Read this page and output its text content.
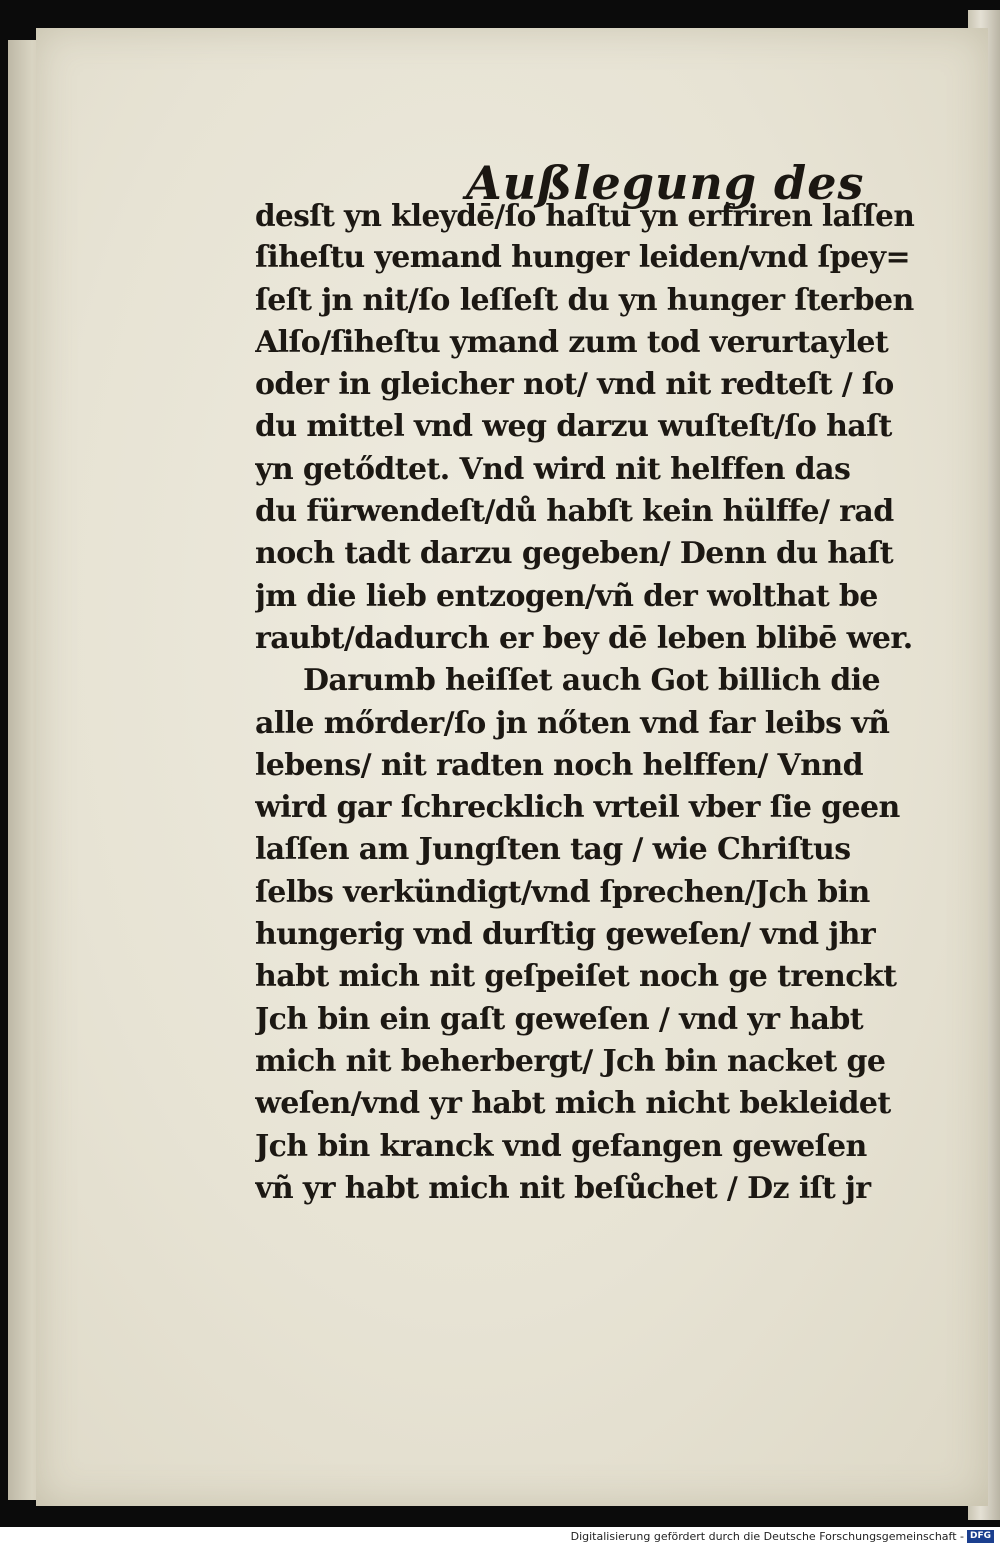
Außlegung des
desſt yn kleydē/ſo haſtu yn erfriren laſſen
ſiheſtu yemand hunger leiden/vnd ſpey=
ſeſt jn nit/ſo leſſeſt du yn hunger ſterben
Alſo/ſiheſtu ymand zum tod verurtaylet
oder in gleicher not/ vnd nit redteſt / ſo
du mittel vnd weg darzu wuſteſt/ſo haſt
yn getődtet. Vnd wird nit helffen das
du fürwendeſt/dů habſt kein hülffe/ rad
noch tadt darzu gegeben/ Denn du haſt
jm die lieb entzogen/vñ der wolthat be
raubt/dadurch er bey dē leben blibē wer.
Darumb heiſſet auch Got billich die
alle mőrder/ſo jn nőten vnd far leibs vñ
lebens/ nit radten noch helffen/ Vnnd
wird gar ſchrecklich vrteil vber ſie geen
laſſen am Jungſten tag / wie Chriſtus
ſelbs verkündigt/vnd ſprechen/Jch bin
hungerig vnd durſtig geweſen/ vnd jhr
habt mich nit geſpeiſet noch ge trenckt
Jch bin ein gaſt geweſen / vnd yr habt
mich nit beherbergt/ Jch bin nacket ge
weſen/vnd yr habt mich nicht bekleidet
Jch bin kranck vnd gefangen geweſen
vñ yr habt mich nit beſůchet / Dz iſt jr
Digitalisierung gefördert durch die Deutsche Forschungsgemeinschaft - DFG
